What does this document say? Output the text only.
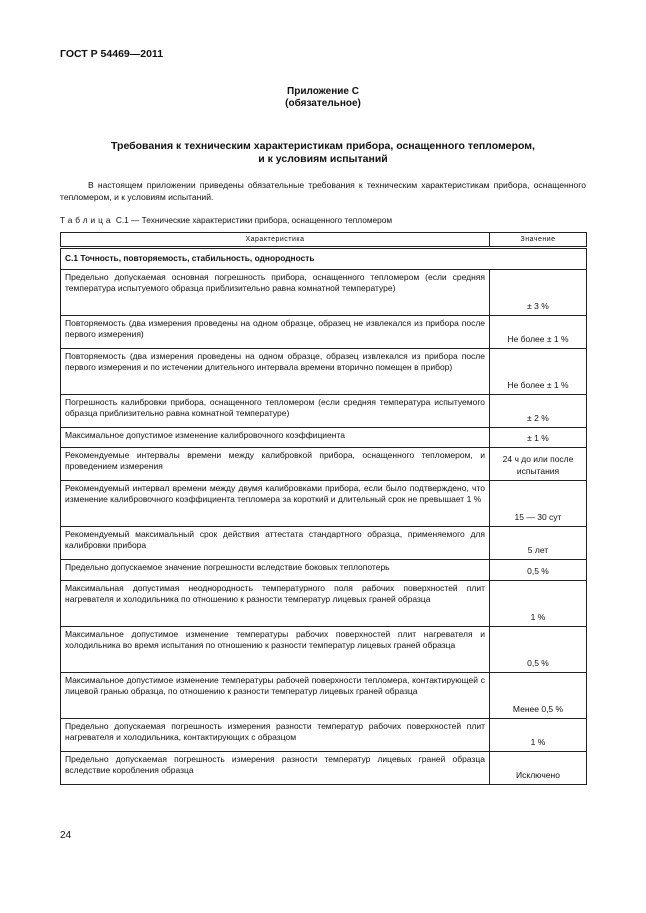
ГОСТ Р 54469—2011
Приложение С
(обязательное)
Требования к техническим характеристикам прибора, оснащенного тепломером,
и к условиям испытаний
В настоящем приложении приведены обязательные требования к техническим характеристикам прибора, оснащенного тепломером, и к условиям испытаний.
Таблица С.1 — Технические характеристики прибора, оснащенного тепломером
Характеристика	Значение
С.1 Точность, повторяемость, стабильность, однородность	
Предельно допускаемая основная погрешность прибора, оснащенного тепломером (если средняя температура испытуемого образца приблизительно равна комнатной температуре)	± 3 %
Повторяемость (два измерения проведены на одном образце, образец не извлекался из прибора после первого измерения)	Не более ± 1 %
Повторяемость (два измерения проведены на одном образце, образец извлекался из прибора после первого измерения и по истечении длительного интервала времени вторично помещен в прибор)	Не более ± 1 %
Погрешность калибровки прибора, оснащенного тепломером (если средняя температура испытуемого образца приблизительно равна комнатной температуре)	± 2 %
Максимальное допустимое изменение калибровочного коэффициента	± 1 %
Рекомендуемые интервалы времени между калибровкой прибора, оснащенного тепломером, и проведением измерения	24 ч до или после испытания
Рекомендуемый интервал времени между двумя калибровками прибора, если было подтверждено, что изменение калибровочного коэффициента тепломера за короткий и длительный срок не превышает 1 %	15 — 30 сут
Рекомендуемый максимальный срок действия аттестата стандартного образца, применяемого для калибровки прибора	5 лет
Предельно допускаемое значение погрешности вследствие боковых теплопотерь	0,5 %
Максимальная допустимая неоднородность температурного поля рабочих поверхностей плит нагревателя и холодильника по отношению к разности температур лицевых граней образца	1 %
Максимальное допустимое изменение температуры рабочих поверхностей плит нагревателя и холодильника во время испытания по отношению к разности температур лицевых граней образца	0,5 %
Максимальное допустимое изменение температуры рабочей поверхности тепломера, контактирующей с лицевой гранью образца, по отношению к разности температур лицевых граней образца	Менее 0,5 %
Предельно допускаемая погрешность измерения разности температур рабочих поверхностей плит нагревателя и холодильника, контактирующих с образцом	1 %
Предельно допускаемая погрешность измерения разности температур лицевых граней образца вследствие коробления образца	Исключено
24
